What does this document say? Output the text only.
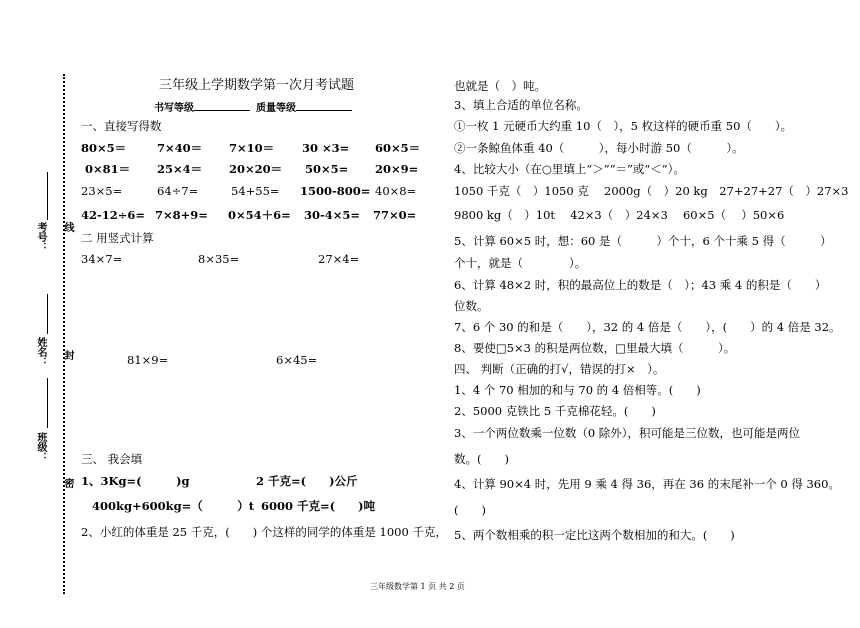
考号： 线
姓名： 封
班级：
密
三年级上学期数学第一次月考试题
书写等级	质量等级
一、直接写得数
80×5＝	7×40＝ 7×10＝ 30 ×3= 60×5＝
0×81＝ 25×4＝ 20×20＝ 50×5= 20×9=
23×5=	64÷7=	54+55= 1500-800= 40×8=
42-12÷6= 7×8+9= 0×54＋6= 30-4×5= 77×0=
二 用竖式计算
34×7=	8×35=	27×4=
81×9=	6×45=
三、 我会填
1、3Kg=(　　　)g	2 千克=(　　)公斤
400kg+600kg=（　　　）t 6000 千克=(　　)吨
2、小红的体重是 25 千克，(　　) 个这样的同学的体重是 1000 千克，
也就是（　）吨。
3、填上合适的单位名称。
①一枚 1 元硬币大约重 10（　），5 枚这样的硬币重 50（　　）。
②一条鲸鱼体重 40（　　　），每小时游 50（　　　）。
4、比较大小（在○里填上“＞”“＝”或“＜”）。
1050 千克（　）1050 克　 2000g（　）20 kg　27+27+27（　）27×3
9800 kg（　）10t　 42×3（　）24×3　 60×5（　 ）50×6
5、计算 60×5 时，想：60 是（　　　）个十，6 个十乘 5 得（　　　）
个十，就是（　　　　）。
6、计算 48×2 时，积的最高位上的数是（　）；43 乘 4 的积是（　　）
位数。
7、6 个 30 的和是（　　），32 的 4 倍是（　　），(　　）的 4 倍是 32。
8、要使□5×3 的积是两位数，□里最大填（　　　）。
四、 判断（正确的打√，错误的打×　）。
1、4 个 70 相加的和与 70 的 4 倍相等。(　　)
2、5000 克铁比 5 千克棉花轻。(　　)
3、一个两位数乘一位数（0 除外），积可能是三位数，也可能是两位
数。(　　)
4、计算 90×4 时，先用 9 乘 4 得 36，再在 36 的末尾补一个 0 得 360。
(　　)
5、两个数相乘的积一定比这两个数相加的和大。(　　)
三年级数学第 1 页 共 2 页
